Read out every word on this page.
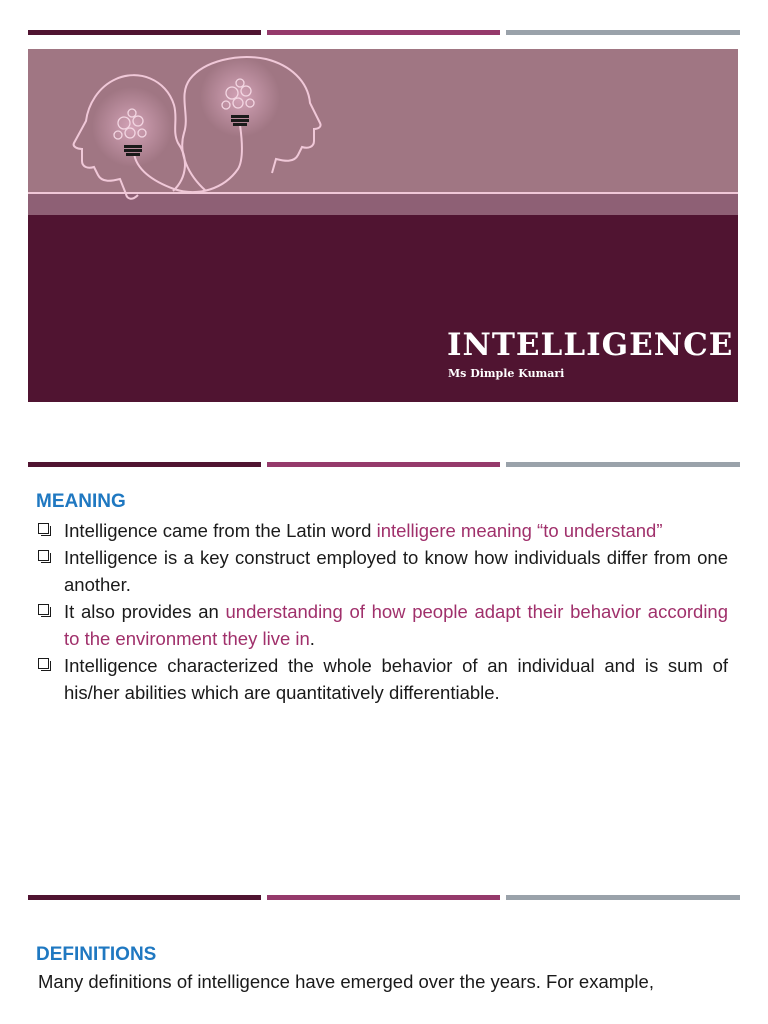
INTELLIGENCE
Ms Dimple Kumari
MEANING
Intelligence came from the Latin word intelligere meaning “to understand”
Intelligence is a key construct employed to know how individuals differ from one another.
It also provides an understanding of how people adapt their behavior according to the environment they live in.
Intelligence characterized the whole behavior of an individual and is sum of his/her abilities which are quantitatively differentiable.
DEFINITIONS
Many definitions of intelligence have emerged over the years. For example,
